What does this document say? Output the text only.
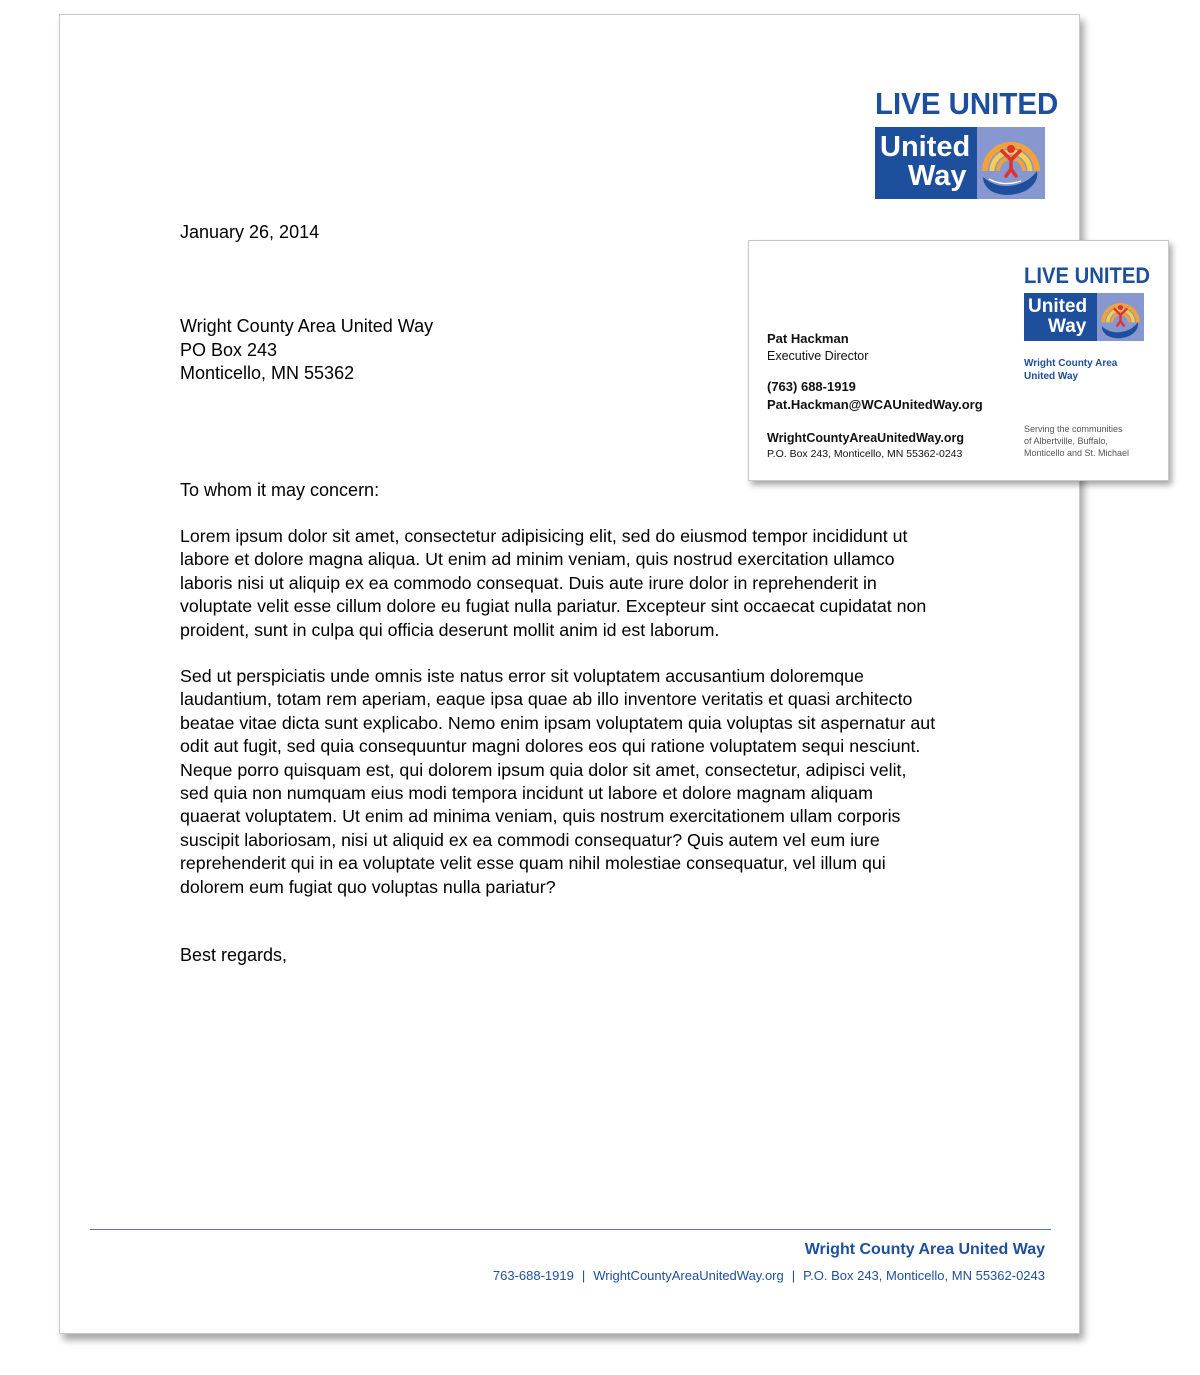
LIVE UNITED
United
Way
January 26, 2014
Wright County Area United Way
PO Box 243
Monticello, MN 55362
To whom it may concern:
Lorem ipsum dolor sit amet, consectetur adipisicing elit, sed do eiusmod tempor incididunt ut
labore et dolore magna aliqua. Ut enim ad minim veniam, quis nostrud exercitation ullamco
laboris nisi ut aliquip ex ea commodo consequat. Duis aute irure dolor in reprehenderit in
voluptate velit esse cillum dolore eu fugiat nulla pariatur. Excepteur sint occaecat cupidatat non
proident, sunt in culpa qui officia deserunt mollit anim id est laborum.
Sed ut perspiciatis unde omnis iste natus error sit voluptatem accusantium doloremque
laudantium, totam rem aperiam, eaque ipsa quae ab illo inventore veritatis et quasi architecto
beatae vitae dicta sunt explicabo. Nemo enim ipsam voluptatem quia voluptas sit aspernatur aut
odit aut fugit, sed quia consequuntur magni dolores eos qui ratione voluptatem sequi nesciunt.
Neque porro quisquam est, qui dolorem ipsum quia dolor sit amet, consectetur, adipisci velit,
sed quia non numquam eius modi tempora incidunt ut labore et dolore magnam aliquam
quaerat voluptatem. Ut enim ad minima veniam, quis nostrum exercitationem ullam corporis
suscipit laboriosam, nisi ut aliquid ex ea commodi consequatur? Quis autem vel eum iure
reprehenderit qui in ea voluptate velit esse quam nihil molestiae consequatur, vel illum qui
dolorem eum fugiat quo voluptas nulla pariatur?
Best regards,
Wright County Area United Way
763-688-1919 | WrightCountyAreaUnitedWay.org | P.O. Box 243, Monticello, MN 55362-0243
LIVE UNITED
United
Way
Pat Hackman
Executive Director
(763) 688-1919
Pat.Hackman@WCAUnitedWay.org
WrightCountyAreaUnitedWay.org
P.O. Box 243, Monticello, MN 55362-0243
Wright County Area
United Way
Serving the communities
of Albertville, Buffalo,
Monticello and St. Michael
